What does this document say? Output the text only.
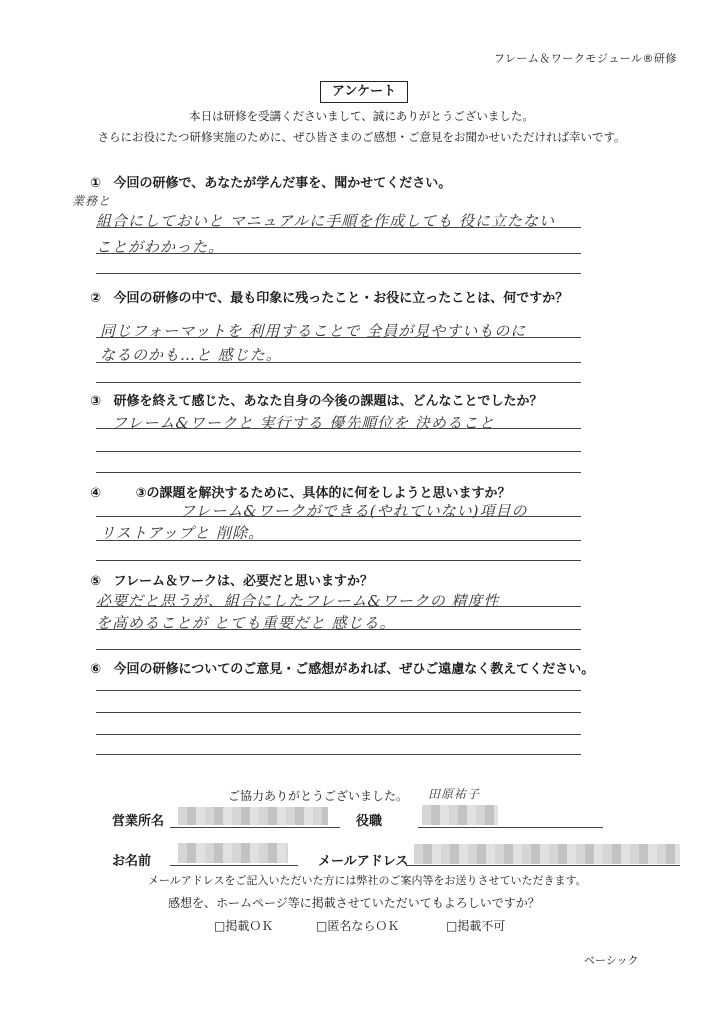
フレーム＆ワークモジュール®研修
アンケート
本日は研修を受講くださいまして、誠にありがとうございました。
さらにお役にたつ研修実施のために、ぜひ皆さまのご感想・ご意見をお聞かせいただければ幸いです。
① 今回の研修で、あなたが学んだ事を、聞かせてください。
業務と
組合にしておいと マニュアルに手順を作成しても 役に立たない
ことがわかった。
② 今回の研修の中で、最も印象に残ったこと・お役に立ったことは、何ですか？
同じフォーマットを 利用することで 全員が見やすいものに
なるのかも…と 感じた。
③ 研修を終えて感じた、あなた自身の今後の課題は、どんなことでしたか？
フレーム&ワークと 実行する 優先順位を 決めること
④	③の課題を解決するために、具体的に何をしようと思いますか？
フレーム&ワークができる(やれていない)項目の
リストアップと 削除。
⑤ フレーム＆ワークは、必要だと思いますか？
必要だと思うが、組合にしたフレーム&ワークの 精度性
を高めることが とても重要だと 感じる。
⑥ 今回の研修についてのご意見・ご感想があれば、ぜひご遠慮なく教えてください。
ご協力ありがとうございました。 田原祐子
営業所名	役職
お名前	メールアドレス
メールアドレスをご記入いただいた方には弊社のご案内等をお送りさせていただきます。
感想を、ホームページ等に掲載させていただいてもよろしいですか？
□掲載ＯＫ	□匿名ならＯＫ	□掲載不可
ベーシック
